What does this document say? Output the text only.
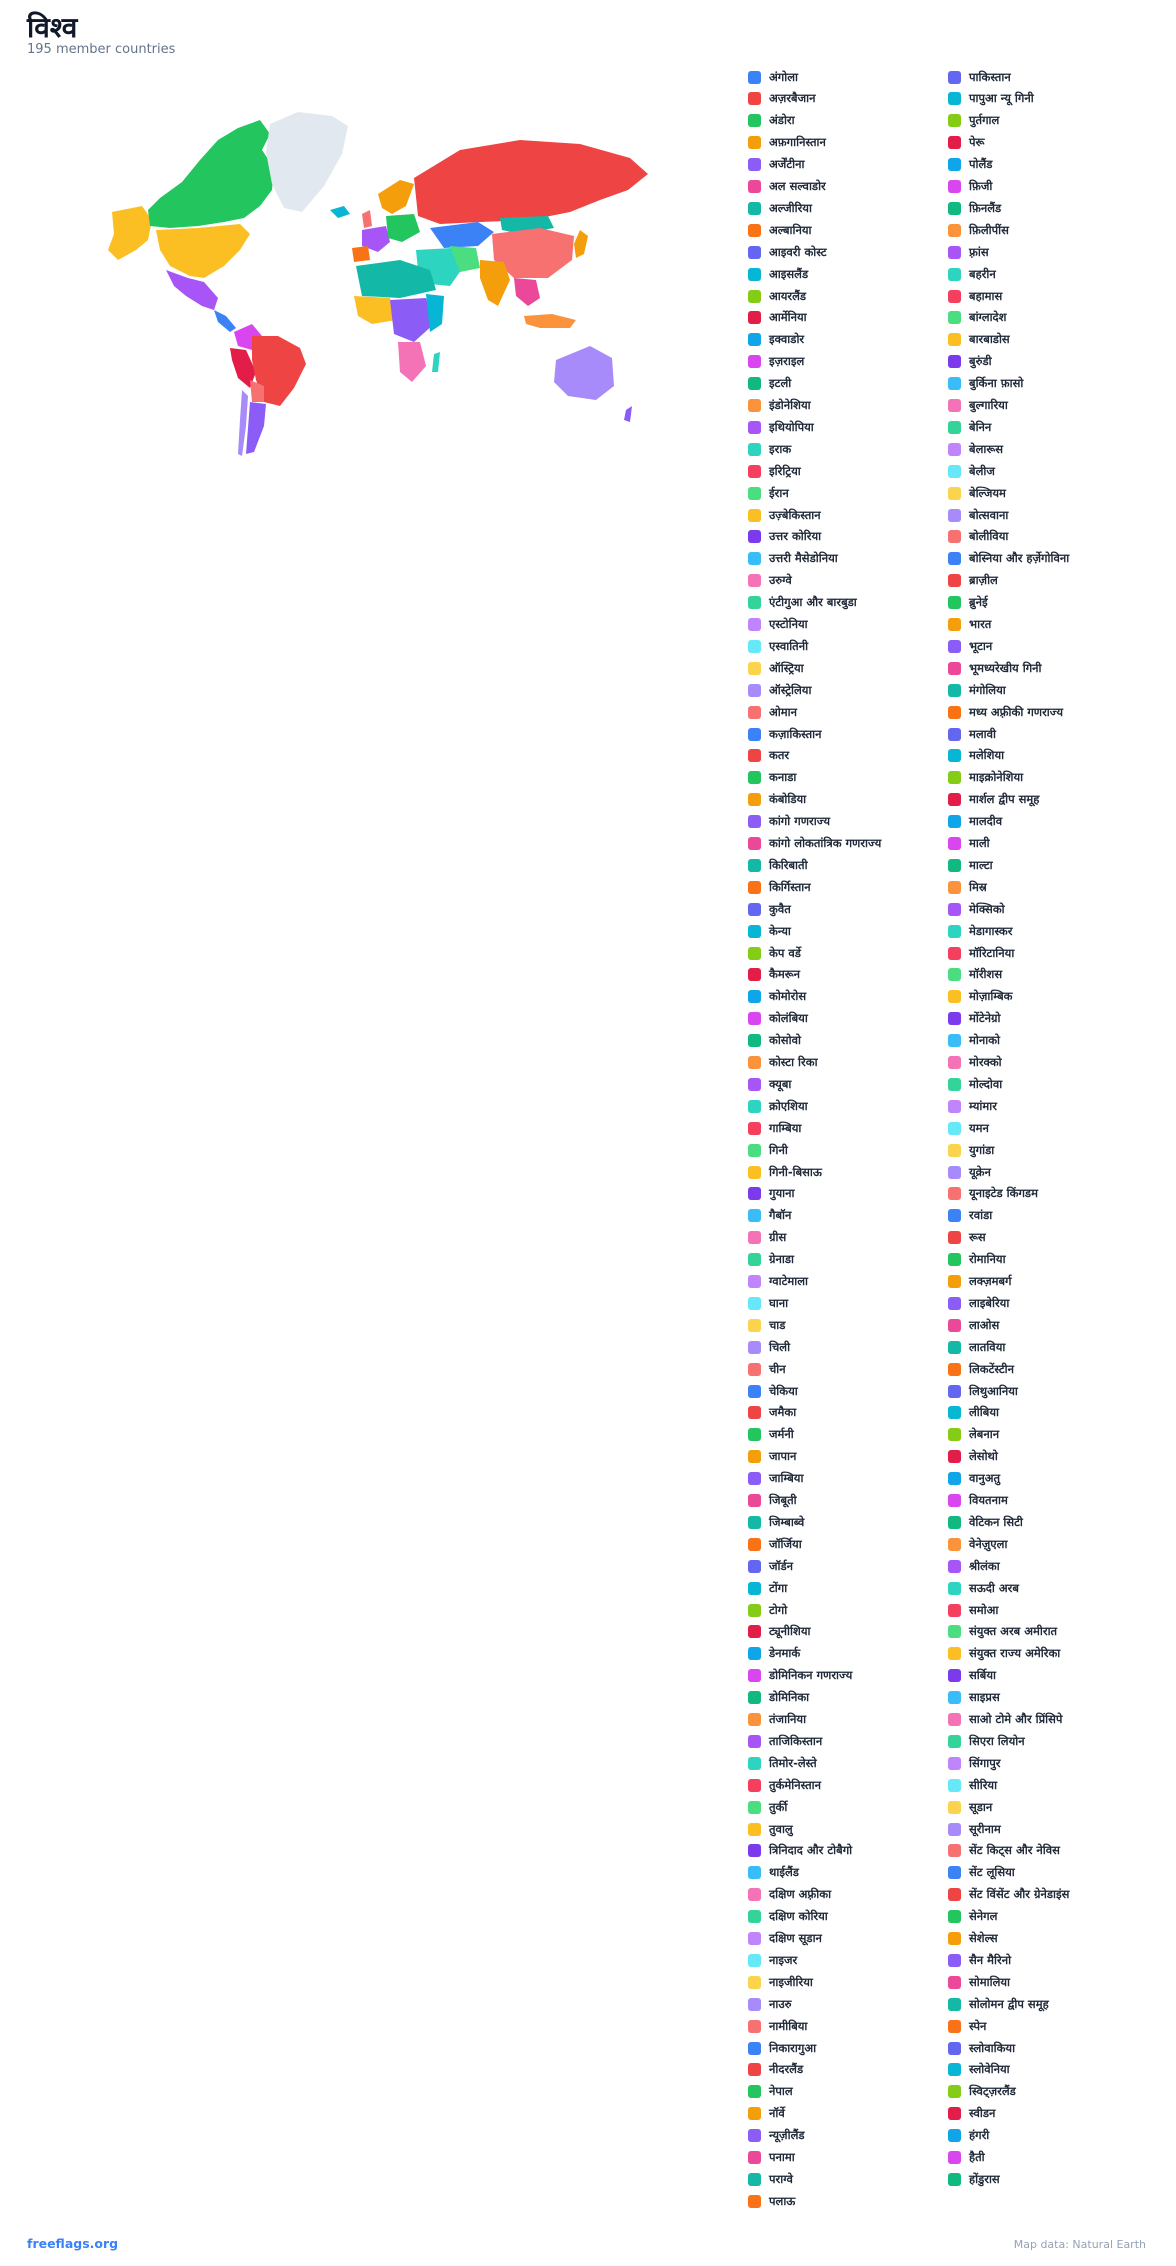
विश्व
195 member countries
अंगोला
अज़रबैजान
अंडोरा
अफ़गानिस्तान
अर्जेंटीना
अल सल्वाडोर
अल्जीरिया
अल्बानिया
आइवरी कोस्ट
आइसलैंड
आयरलैंड
आर्मेनिया
इक्वाडोर
इज़राइल
इटली
इंडोनेशिया
इथियोपिया
इराक
इरिट्रिया
ईरान
उज़्बेकिस्तान
उत्तर कोरिया
उत्तरी मैसेडोनिया
उरुग्वे
एंटीगुआ और बारबुडा
एस्टोनिया
एस्वातिनी
ऑस्ट्रिया
ऑस्ट्रेलिया
ओमान
कज़ाकिस्तान
कतर
कनाडा
कंबोडिया
कांगो गणराज्य
कांगो लोकतांत्रिक गणराज्य
किरिबाती
किर्गिस्तान
कुवैत
केन्या
केप वर्डे
कैमरून
कोमोरोस
कोलंबिया
कोसोवो
कोस्टा रिका
क्यूबा
क्रोएशिया
गाम्बिया
गिनी
गिनी-बिसाऊ
गुयाना
गैबॉन
ग्रीस
ग्रेनाडा
ग्वाटेमाला
घाना
चाड
चिली
चीन
चेकिया
जमैका
जर्मनी
जापान
जाम्बिया
जिबूती
जिम्बाब्वे
जॉर्जिया
जॉर्डन
टोंगा
टोगो
ट्यूनीशिया
डेनमार्क
डोमिनिकन गणराज्य
डोमिनिका
तंजानिया
ताजिकिस्तान
तिमोर-लेस्ते
तुर्कमेनिस्तान
तुर्की
तुवालु
त्रिनिदाद और टोबैगो
थाईलैंड
दक्षिण अफ़्रीका
दक्षिण कोरिया
दक्षिण सूडान
नाइजर
नाइजीरिया
नाउरु
नामीबिया
निकारागुआ
नीदरलैंड
नेपाल
नॉर्वे
न्यूज़ीलैंड
पनामा
पराग्वे
पलाऊ
पाकिस्तान
पापुआ न्यू गिनी
पुर्तगाल
पेरू
पोलैंड
फ़िजी
फ़िनलैंड
फ़िलीपींस
फ़्रांस
बहरीन
बहामास
बांग्लादेश
बारबाडोस
बुरुंडी
बुर्किना फ़ासो
बुल्गारिया
बेनिन
बेलारूस
बेलीज
बेल्जियम
बोत्सवाना
बोलीविया
बोस्निया और हर्ज़ेगोविना
ब्राज़ील
ब्रुनेई
भारत
भूटान
भूमध्यरेखीय गिनी
मंगोलिया
मध्य अफ़्रीकी गणराज्य
मलावी
मलेशिया
माइक्रोनेशिया
मार्शल द्वीप समूह
मालदीव
माली
माल्टा
मिस्र
मेक्सिको
मेडागास्कर
मॉरिटानिया
मॉरीशस
मोज़ाम्बिक
मोंटेनेग्रो
मोनाको
मोरक्को
मोल्दोवा
म्यांमार
यमन
युगांडा
यूक्रेन
यूनाइटेड किंगडम
रवांडा
रूस
रोमानिया
लक्ज़मबर्ग
लाइबेरिया
लाओस
लातविया
लिकटेंस्टीन
लिथुआनिया
लीबिया
लेबनान
लेसोथो
वानुअतु
वियतनाम
वेटिकन सिटी
वेनेज़ुएला
श्रीलंका
सऊदी अरब
समोआ
संयुक्त अरब अमीरात
संयुक्त राज्य अमेरिका
सर्बिया
साइप्रस
साओ टोमे और प्रिंसिपे
सिएरा लियोन
सिंगापुर
सीरिया
सूडान
सूरीनाम
सेंट किट्स और नेविस
सेंट लूसिया
सेंट विंसेंट और ग्रेनेडाइंस
सेनेगल
सेशेल्स
सैन मैरिनो
सोमालिया
सोलोमन द्वीप समूह
स्पेन
स्लोवाकिया
स्लोवेनिया
स्विट्ज़रलैंड
स्वीडन
हंगरी
हैती
होंडुरास
freeflags.org	Map data: Natural Earth
